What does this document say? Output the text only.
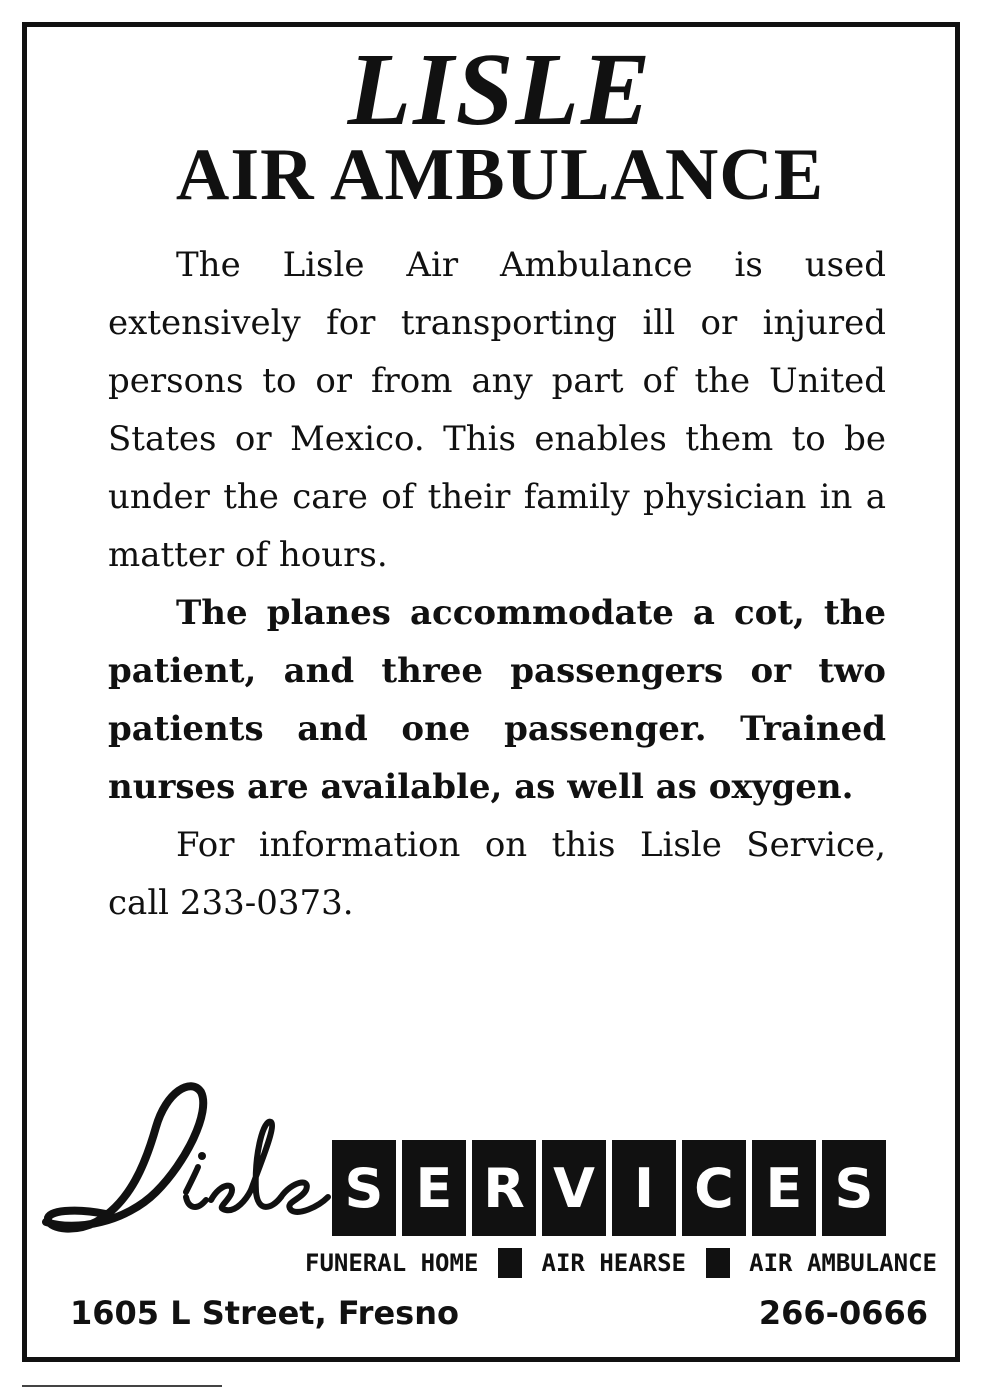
LISLE
AIR AMBULANCE

The Lisle Air Ambulance is used extensively for transporting ill or injured persons to or from any part of the United States or Mexico. This enables them to be under the care of their family physician in a matter of hours.

The planes accommodate a cot, the patient, and three passengers or two patients and one passenger. Trained nurses are available, as well as oxygen.

For information on this Lisle Service, call 233-0373.

Lisle
S E R V I C E S
FUNERAL HOME	AIR HEARSE	AIR AMBULANCE
1605 L Street, Fresno	266-0666
